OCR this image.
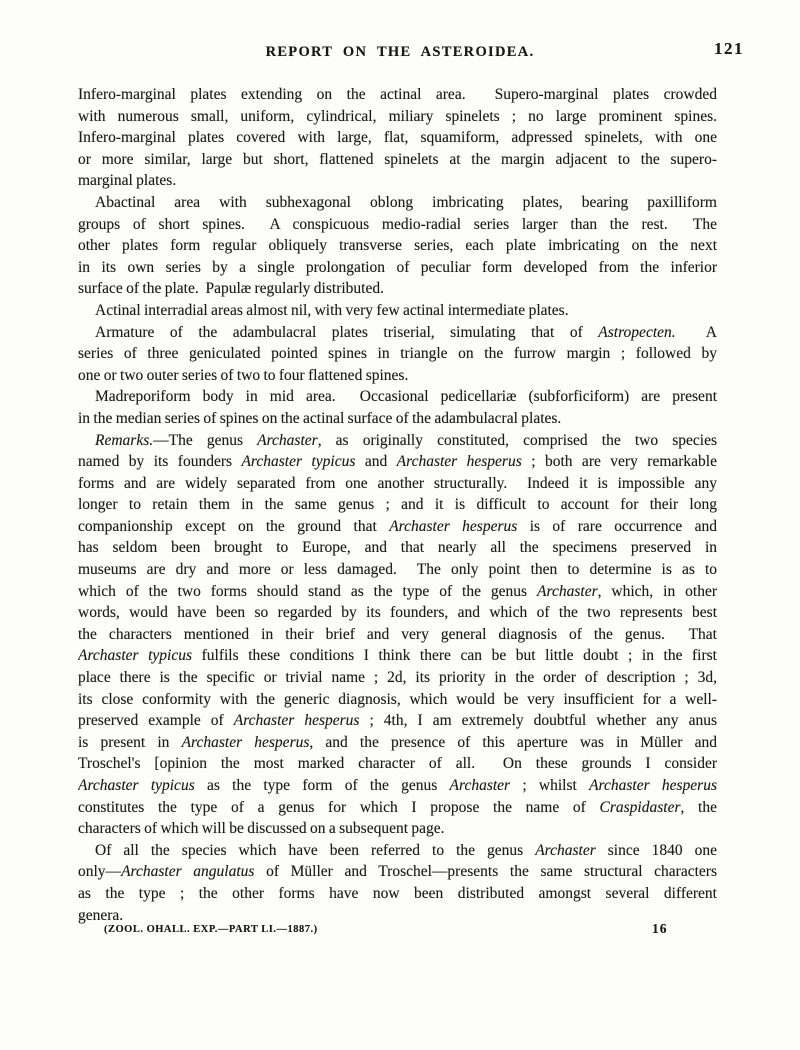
REPORT ON THE ASTEROIDEA.	121
Infero-marginal plates extending on the actinal area.  Supero-marginal plates crowded
with numerous small, uniform, cylindrical, miliary spinelets ; no large prominent spines.
Infero-marginal plates covered with large, flat, squamiform, adpressed spinelets, with one
or more similar, large but short, flattened spinelets at the margin adjacent to the supero-
marginal plates.
Abactinal area with subhexagonal oblong imbricating plates, bearing paxilliform
groups of short spines.  A conspicuous medio-radial series larger than the rest.  The
other plates form regular obliquely transverse series, each plate imbricating on the next
in its own series by a single prolongation of peculiar form developed from the inferior
surface of the plate.  Papulæ regularly distributed.
Actinal interradial areas almost nil, with very few actinal intermediate plates.
Armature of the adambulacral plates triserial, simulating that of Astropecten.  A
series of three geniculated pointed spines in triangle on the furrow margin ; followed by
one or two outer series of two to four flattened spines.
Madreporiform body in mid area.  Occasional pedicellariæ (subforficiform) are present
in the median series of spines on the actinal surface of the adambulacral plates.
Remarks.—The genus Archaster, as originally constituted, comprised the two species
named by its founders Archaster typicus and Archaster hesperus ; both are very remarkable
forms and are widely separated from one another structurally.  Indeed it is impossible any
longer to retain them in the same genus ; and it is difficult to account for their long
companionship except on the ground that Archaster hesperus is of rare occurrence and
has seldom been brought to Europe, and that nearly all the specimens preserved in
museums are dry and more or less damaged.  The only point then to determine is as to
which of the two forms should stand as the type of the genus Archaster, which, in other
words, would have been so regarded by its founders, and which of the two represents best
the characters mentioned in their brief and very general diagnosis of the genus.  That
Archaster typicus fulfils these conditions I think there can be but little doubt ; in the first
place there is the specific or trivial name ; 2d, its priority in the order of description ; 3d,
its close conformity with the generic diagnosis, which would be very insufficient for a well-
preserved example of Archaster hesperus ; 4th, I am extremely doubtful whether any anus
is present in Archaster hesperus, and the presence of this aperture was in Müller and
Troschel's [opinion the most marked character of all.  On these grounds I consider
Archaster typicus as the type form of the genus Archaster ; whilst Archaster hesperus
constitutes the type of a genus for which I propose the name of Craspidaster, the
characters of which will be discussed on a subsequent page.
Of all the species which have been referred to the genus Archaster since 1840 one
only—Archaster angulatus of Müller and Troschel—presents the same structural characters
as the type ; the other forms have now been distributed amongst several different
genera.
(ZOOL. OHALL. EXP.—PART LI.—1887.)	16
